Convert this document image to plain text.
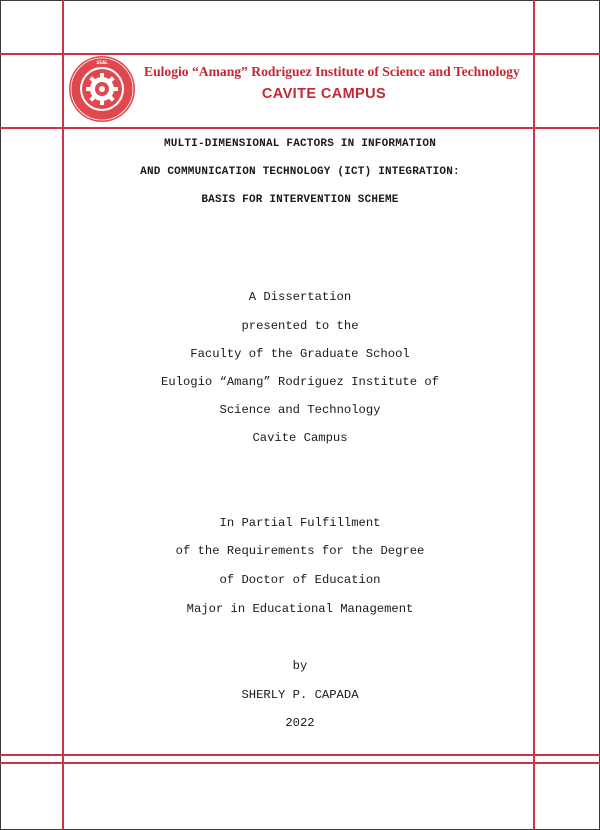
SEAL
Eulogio “Amang” Rodriguez Institute of Science and Technology
CAVITE CAMPUS
MULTI-DIMENSIONAL FACTORS IN INFORMATION
AND COMMUNICATION TECHNOLOGY (ICT) INTEGRATION:
BASIS FOR INTERVENTION SCHEME
A Dissertation
presented to the
Faculty of the Graduate School
Eulogio “Amang” Rodriguez Institute of
Science and Technology
Cavite Campus
In Partial Fulfillment
of the Requirements for the Degree
of Doctor of Education
Major in Educational Management
by
SHERLY P. CAPADA
2022
